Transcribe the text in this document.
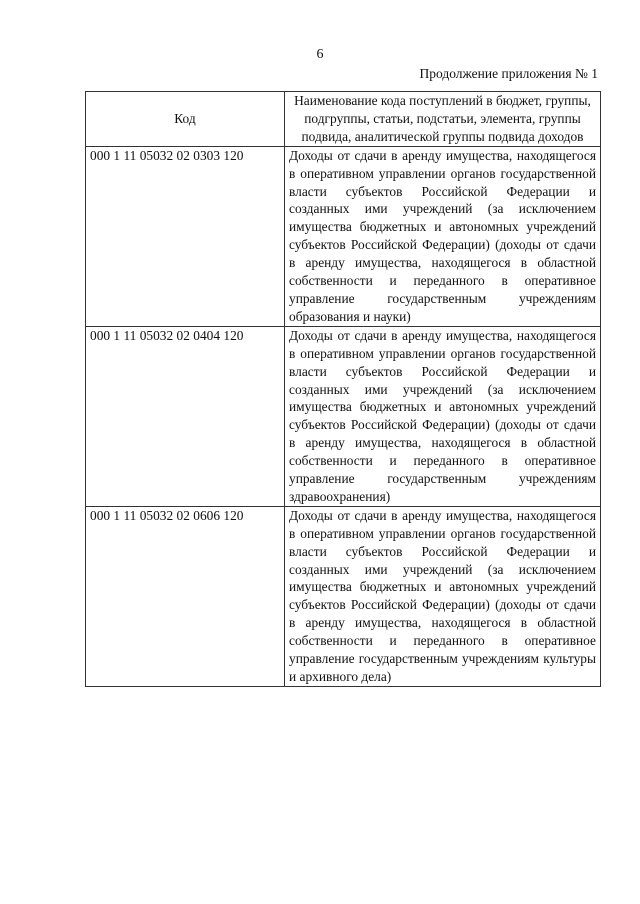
6
Продолжение приложения № 1
Код	Наименование кода поступлений в бюджет, группы, подгруппы, статьи, подстатьи, элемента, группы подвида, аналитической группы подвида доходов
000 1 11 05032 02 0303 120	Доходы от сдачи в аренду имущества, находящегося в оперативном управлении органов государственной власти субъектов Российской Федерации и созданных ими учреждений (за исключением имущества бюджетных и автономных учреждений субъектов Российской Федерации) (доходы от сдачи в аренду имущества, находящегося в областной собственности и переданного в оперативное управление государственным учреждениям образования и науки)
000 1 11 05032 02 0404 120	Доходы от сдачи в аренду имущества, находящегося в оперативном управлении органов государственной власти субъектов Российской Федерации и созданных ими учреждений (за исключением имущества бюджетных и автономных учреждений субъектов Российской Федерации) (доходы от сдачи в аренду имущества, находящегося в областной собственности и переданного в оперативное управление государственным учреждениям здравоохранения)
000 1 11 05032 02 0606 120	Доходы от сдачи в аренду имущества, находящегося в оперативном управлении органов государственной власти субъектов Российской Федерации и созданных ими учреждений (за исключением имущества бюджетных и автономных учреждений субъектов Российской Федерации) (доходы от сдачи в аренду имущества, находящегося в областной собственности и переданного в оперативное управление государственным учреждениям культуры и архивного дела)
